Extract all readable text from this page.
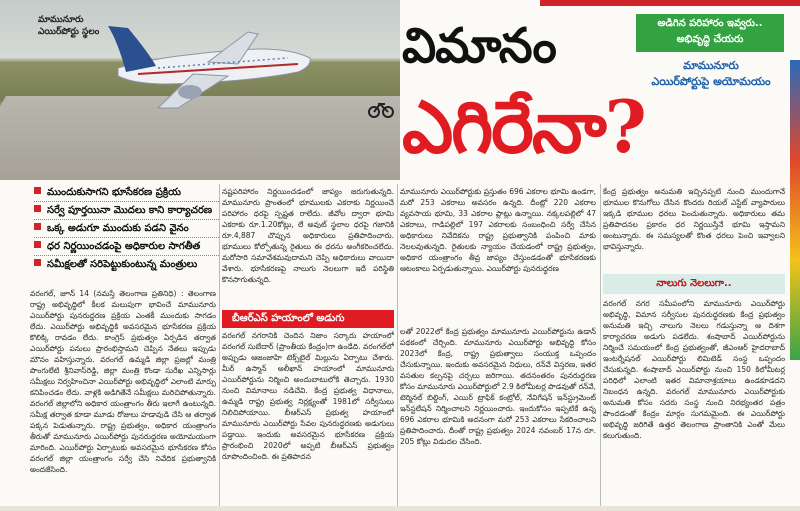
మామునూరు
ఎయిర్‌పోర్టు స్థలం	విమానం
ఎగిరేనా?
అడిగిన పరిహారం ఇవ్వరు..
అభివృద్ధి చేయరు
మామునూరు
ఎయిర్‌పోర్టుపై అయోమయం
ముందుకుసాగని భూసేకరణ ప్రక్రియ
సర్వే పూర్తయినా మొదలు కాని కార్యాచరణ
ఒక్క అడుగూ ముందుకు పడని వైనం
ధర నిర్ణయించడంపై అధికారుల సాగతీత
సమీక్షలతో సరిపెట్టుకుంటున్న మంత్రులు
వరంగల్, జూన్ 14 (నమస్తే తెలంగాణ ప్రతినిధి) : తెలంగాణ రాష్ట్ర అభివృద్ధిలో కీలక మలుపుగా భావించే మామునూరు ఎయిర్‌పోర్టు పునరుద్ధరణ ప్రక్రియ ఎంతకీ ముందుకు సాగడం లేదు. ఎయిర్‌పోర్టు అభివృద్ధికి అవసరమైన భూసేకరణ ప్రక్రియ కొలిక్కి రావడం లేదు. కాంగ్రెస్ ప్రభుత్వం ఏర్పడిన తర్వాత ఎయిర్‌పోర్టు పనులు ప్రారంభిస్తామని చెప్పిన నేతలు ఇప్పుడు మౌనం వహిస్తున్నారు. వరంగల్ ఉమ్మడి జిల్లా ప్రజల్లో మంత్రి పొంగులేటి శ్రీనివాస్‌రెడ్డి, జిల్లా మంత్రి కొండా సురేఖ ఎన్నిసార్లు సమీక్షలు నిర్వహించినా ఎయిర్‌పోర్టు అభివృద్ధిలో ఎలాంటి మార్పు కనిపించడం లేదు. వాళ్లకి అడిగితేనే సమీక్షలు మరిచిపోతున్నారు. వరంగల్ జిల్లాలోని అధికార యంత్రాంగం తీరు ఇలాగే ఉంటున్నది. సమీక్ష తర్వాత కూడా మూడు రోజులు హడావుడి చేసి ఆ తర్వాత పక్కన పెడుతున్నారు. రాష్ట్ర ప్రభుత్వం, అధికార యంత్రాంగం తీరుతో మామునూరు ఎయిర్‌పోర్టు పునరుద్ధరణ అయోమయంగా మారింది. ఎయిర్‌పోర్టు ఏర్పాటుకు అవసరమైన భూసేకరణ కోసం వరంగల్ జిల్లా యంత్రాంగం సర్వే చేసి నివేదిక ప్రభుత్వానికి అందజేసింది.
నష్టపరిహారం నిర్ణయించడంలో జాప్యం జరుగుతున్నది. మామునూరు ప్రాంతంలో భూములకు ఎకరాకు నిర్ణయించే పరిహారం ధరపై స్పష్టత రాలేదు. జీవోల ద్వారా భూమి ఎకరాకు రూ.1.20కోట్లు, లే అవుట్ స్థలాల ధరపై గజానికి రూ.4,887 చొప్పున అధికారులు ప్రతిపాదించారు. భూములు కోల్పోతున్న రైతులు ఈ ధరను అంగీకరించలేదు. మరోసారి సమావేశమవుదామని చెప్పి అధికారులు వాయిదా వేశారు. భూసేకరణపై నాలుగు నెలలుగా ఇదే పరిస్థితి కొనసాగుతున్నది.
మామునూరు ఎయిర్‌పోర్టుకు ప్రస్తుతం 696 ఎకరాల భూమి ఉండగా, మరో 253 ఎకరాలు అవసరం ఉన్నది. దీంట్లో 220 ఎకరాల వ్యవసాయ భూమి, 33 ఎకరాల ప్లాట్లు ఉన్నాయి. నక్కలపల్లిలో 47 ఎకరాలు, గాడిపల్లిలో 197 ఎకరాలకు సంబంధించి సర్వే చేసిన అధికారులు నివేదికను రాష్ట్ర ప్రభుత్వానికి పంపించి మాకు నెలలవుతున్నది. రైతులకు న్యాయం చేయడంలో రాష్ట్ర ప్రభుత్వం, అధికార యంత్రాంగం తీవ్ర జాప్యం చేస్తుండడంతో భూసేకరణకు ఆటంకాలు ఏర్పడుతున్నాయి. ఎయిర్‌పోర్టు పునరుద్ధరణ
కేంద్ర ప్రభుత్వం అనుమతి ఇచ్చినప్పటి నుంచి ముందుగానే భూముల కొనుగోలు చేసిన కొందరు రియల్ ఎస్టేట్ వ్యాపారులు ఇక్కడి భూముల ధరలు పెంచుతున్నారు. అధికారులు తమ ప్రతిపాదనల ప్రకారం ధర నిర్ణయిస్తేనే భూమి ఇస్తామని అంటున్నారు. ఈ సమస్యలతో కొంత ధరలు పెంచి ఇవ్వాలని భావిస్తున్నారు.
బీఆర్ఎస్ హయాంలో అడుగు
వరంగల్ నగరానికి చెందిన నిజాం సర్కారు హయాంలో వరంగల్ సుబేదార్ (ప్రాంతీయ కేంద్రం)గా ఉండేది. వరంగల్‌లో అప్పుడు ఆజంజాహి టెక్స్‌టైల్ మిల్లును ఏర్పాటు చేశారు. మీర్ ఉస్మాన్ అలీఖాన్ హయాంలో మామునూరు ఎయిర్‌పోర్టును నిర్మించి అందుబాటులోకి తెచ్చారు. 1930 నుంచి విమానాలు నడిచేవి. కేంద్ర ప్రభుత్వ విధానాలు, ఉమ్మడి రాష్ట్ర ప్రభుత్వ నిర్లక్ష్యంతో 1981లో సర్వీసులు నిలిచిపోయాయి. బీఆర్ఎస్ ప్రభుత్వ హయాంలో మామునూరు ఎయిర్‌పోర్టు సేవల పునరుద్ధరణకు అడుగులు పడ్డాయి. ఇందుకు అవసరమైన భూసేకరణ ప్రక్రియ ప్రారంభించి 2020లో అప్పటి బీఆర్ఎస్ ప్రభుత్వం రూపొందించింది. ఈ ప్రతిపాదన
లతో 2022లో కేంద్ర ప్రభుత్వం మామునూరు ఎయిర్‌పోర్టును ఉడాన్ పథకంలో చేర్చింది. మామునూరు ఎయిర్‌పోర్టు అభివృద్ధి కోసం 2023లో కేంద్ర, రాష్ట్ర ప్రభుత్వాలు సంయుక్త ఒప్పందం చేసుకున్నాయి. ఇందుకు అవసరమైన నిధులు, రన్‌వే విస్తరణ, ఇతర వసతుల కల్పనపై చర్చలు జరిగాయి. తదనంతరం పునరుద్ధరణ కోసం మామునూరు ఎయిర్‌పోర్టులో 2.9 కిలోమీటర్ల పొడవుతో రన్‌వే, టెర్మినల్ బిల్డింగ్, ఎయిర్ ట్రాఫిక్ కంట్రోల్, నేవిగేషన్ ఇన్‌స్ట్రుమెంట్ ఇన్‌స్టలేషన్ నిర్మించాలని నిర్ణయించారు. ఇందుకోసం ఇప్పటికే ఉన్న 696 ఎకరాల భూమికి అదనంగా మరో 253 ఎకరాలు సేకరించాలని ప్రతిపాదించారు. దీంతో రాష్ట్ర ప్రభుత్వం 2024 నవంబర్ 17న రూ. 205 కోట్లు విడుదల చేసింది.
నాలుగు నెలలుగా..
వరంగల్ నగర సమీపంలోని మామునూరు ఎయిర్‌పోర్టు అభివృద్ధి, విమాన సర్వీసుల పునరుద్ధరణకు కేంద్ర ప్రభుత్వం అనుమతి ఇచ్చి నాలుగు నెలలు గడుస్తున్నా ఆ దిశగా కార్యాచరణ అడుగు పడలేదు. శంషాబాద్ ఎయిర్‌పోర్టును నిర్మించే సమయంలో కేంద్ర ప్రభుత్వంతో, జీఎంఆర్ హైదరాబాద్ ఇంటర్నేషనల్ ఎయిర్‌పోర్టు లిమిటెడ్ సంస్థ ఒప్పందం చేసుకున్నది. శంషాబాద్ ఎయిర్‌పోర్టు నుంచి 150 కిలోమీటర్ల పరిధిలో ఎలాంటి ఇతర విమానాశ్రయాలు ఉండకూడదని నిబంధన ఉన్నది. వరంగల్ మామునూరు ఎయిర్‌పోర్టుకు అనుమతి కోసం సదరు సంస్థ నుంచి నిరభ్యంతర పత్రం పొందడంతో కేంద్రం మార్గం సుగమమైంది. ఈ ఎయిర్‌పోర్టు అభివృద్ధి జరిగితే ఉత్తర తెలంగాణ ప్రాంతానికి ఎంతో మేలు కలుగుతుంది.
